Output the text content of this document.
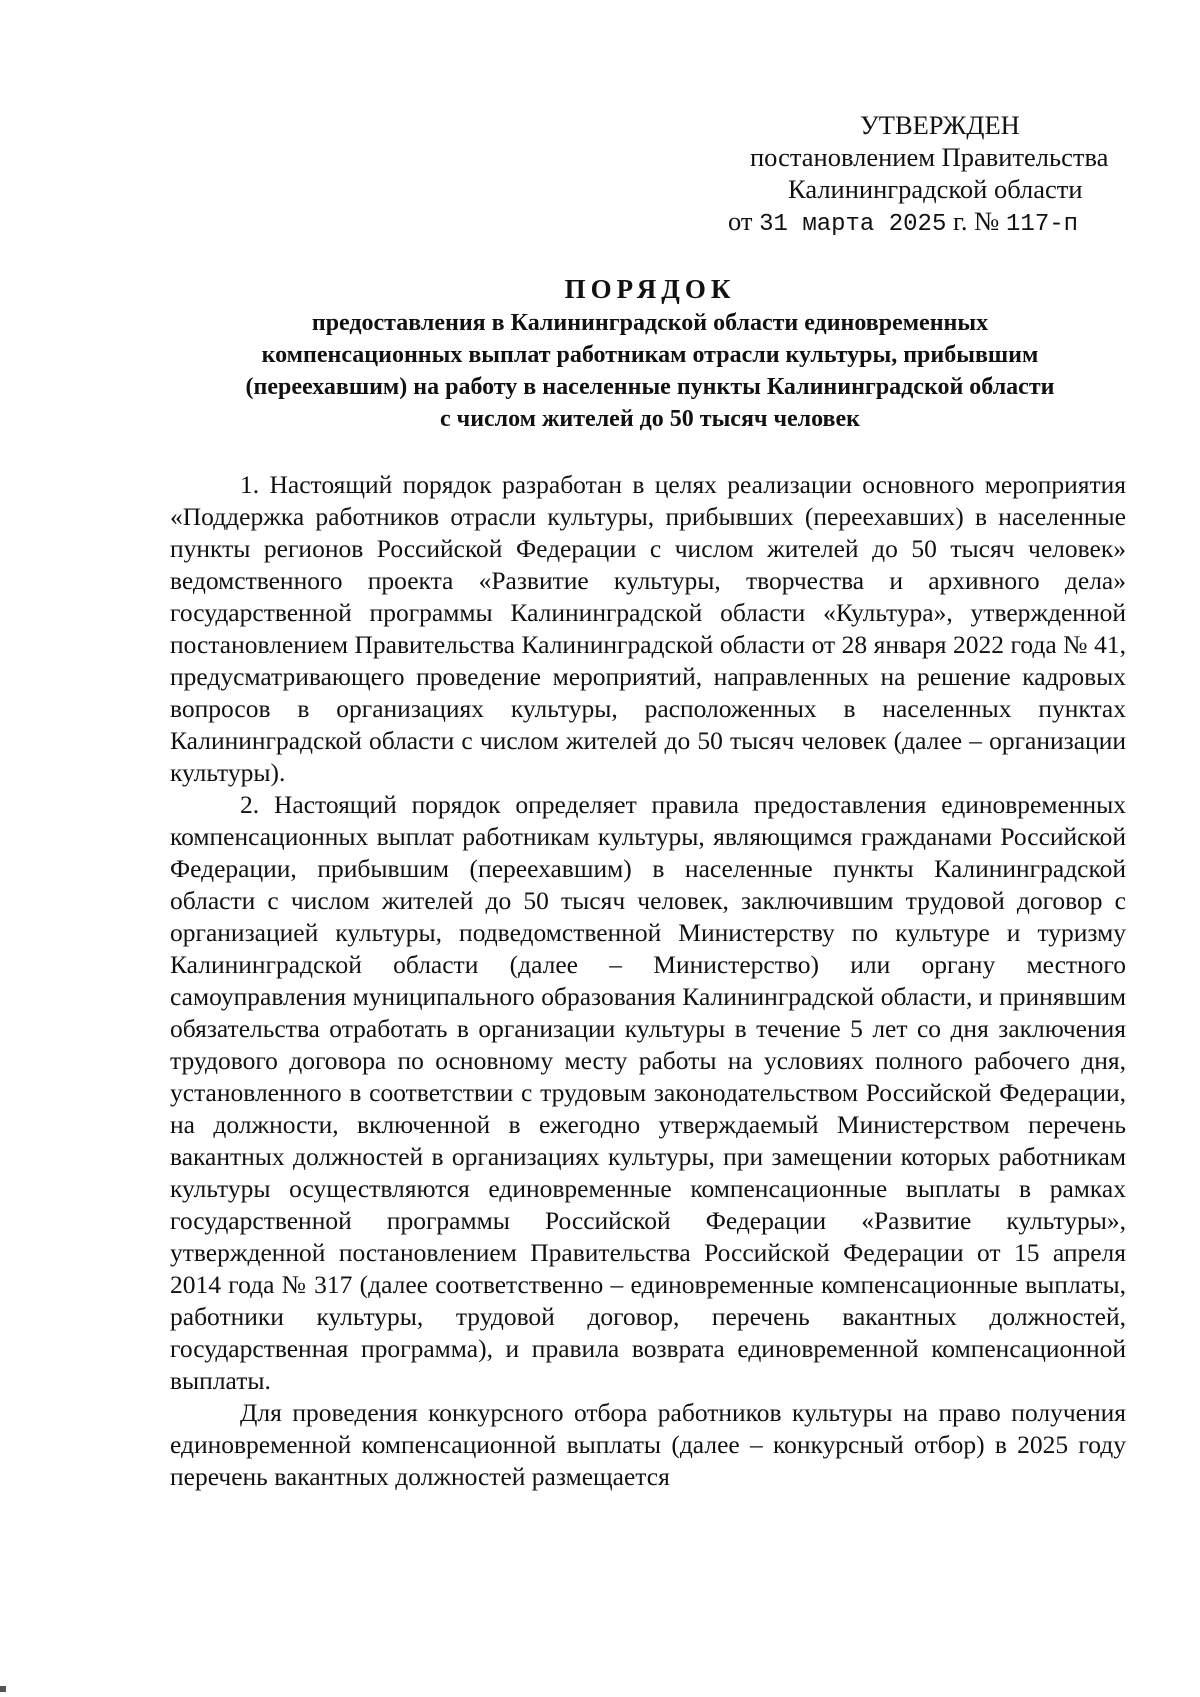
УТВЕРЖДЕН
постановлением Правительства
Калининградской области
от 31 марта 2025 г. № 117-п
ПОРЯДОК
предоставления в Калининградской области единовременных
компенсационных выплат работникам отрасли культуры, прибывшим
(переехавшим) на работу в населенные пункты Калининградской области
с числом жителей до 50 тысяч человек

1. Настоящий порядок разработан в целях реализации основного мероприятия «Поддержка работников отрасли культуры, прибывших (переехавших) в населенные пункты регионов Российской Федерации с числом жителей до 50 тысяч человек» ведомственного проекта «Развитие культуры, творчества и архивного дела» государственной программы Калининградской области «Культура», утвержденной постановлением Правительства Калининградской области от 28 января 2022 года № 41, предусматривающего проведение мероприятий, направленных на решение кадровых вопросов в организациях культуры, расположенных в населенных пунктах Калининградской области с числом жителей до 50 тысяч человек (далее – организации культуры).

2. Настоящий порядок определяет правила предоставления единовременных компенсационных выплат работникам культуры, являющимся гражданами Российской Федерации, прибывшим (переехавшим) в населенные пункты Калининградской области с числом жителей до 50 тысяч человек, заключившим трудовой договор с организацией культуры, подведомственной Министерству по культуре и туризму Калининградской области (далее – Министерство) или органу местного самоуправления муниципального образования Калининградской области, и принявшим обязательства отработать в организации культуры в течение 5 лет со дня заключения трудового договора по основному месту работы на условиях полного рабочего дня, установленного в соответствии с трудовым законодательством Российской Федерации, на должности, включенной в ежегодно утверждаемый Министерством перечень вакантных должностей в организациях культуры, при замещении которых работникам культуры осуществляются единовременные компенсационные выплаты в рамках государственной программы Российской Федерации «Развитие культуры», утвержденной постановлением Правительства Российской Федерации от 15 апреля 2014 года № 317 (далее соответственно – единовременные компенсационные выплаты, работники культуры, трудовой договор, перечень вакантных должностей, государственная программа), и правила возврата единовременной компенсационной выплаты.

Для проведения конкурсного отбора работников культуры на право получения единовременной компенсационной выплаты (далее – конкурсный отбор) в 2025 году перечень вакантных должностей размещается
